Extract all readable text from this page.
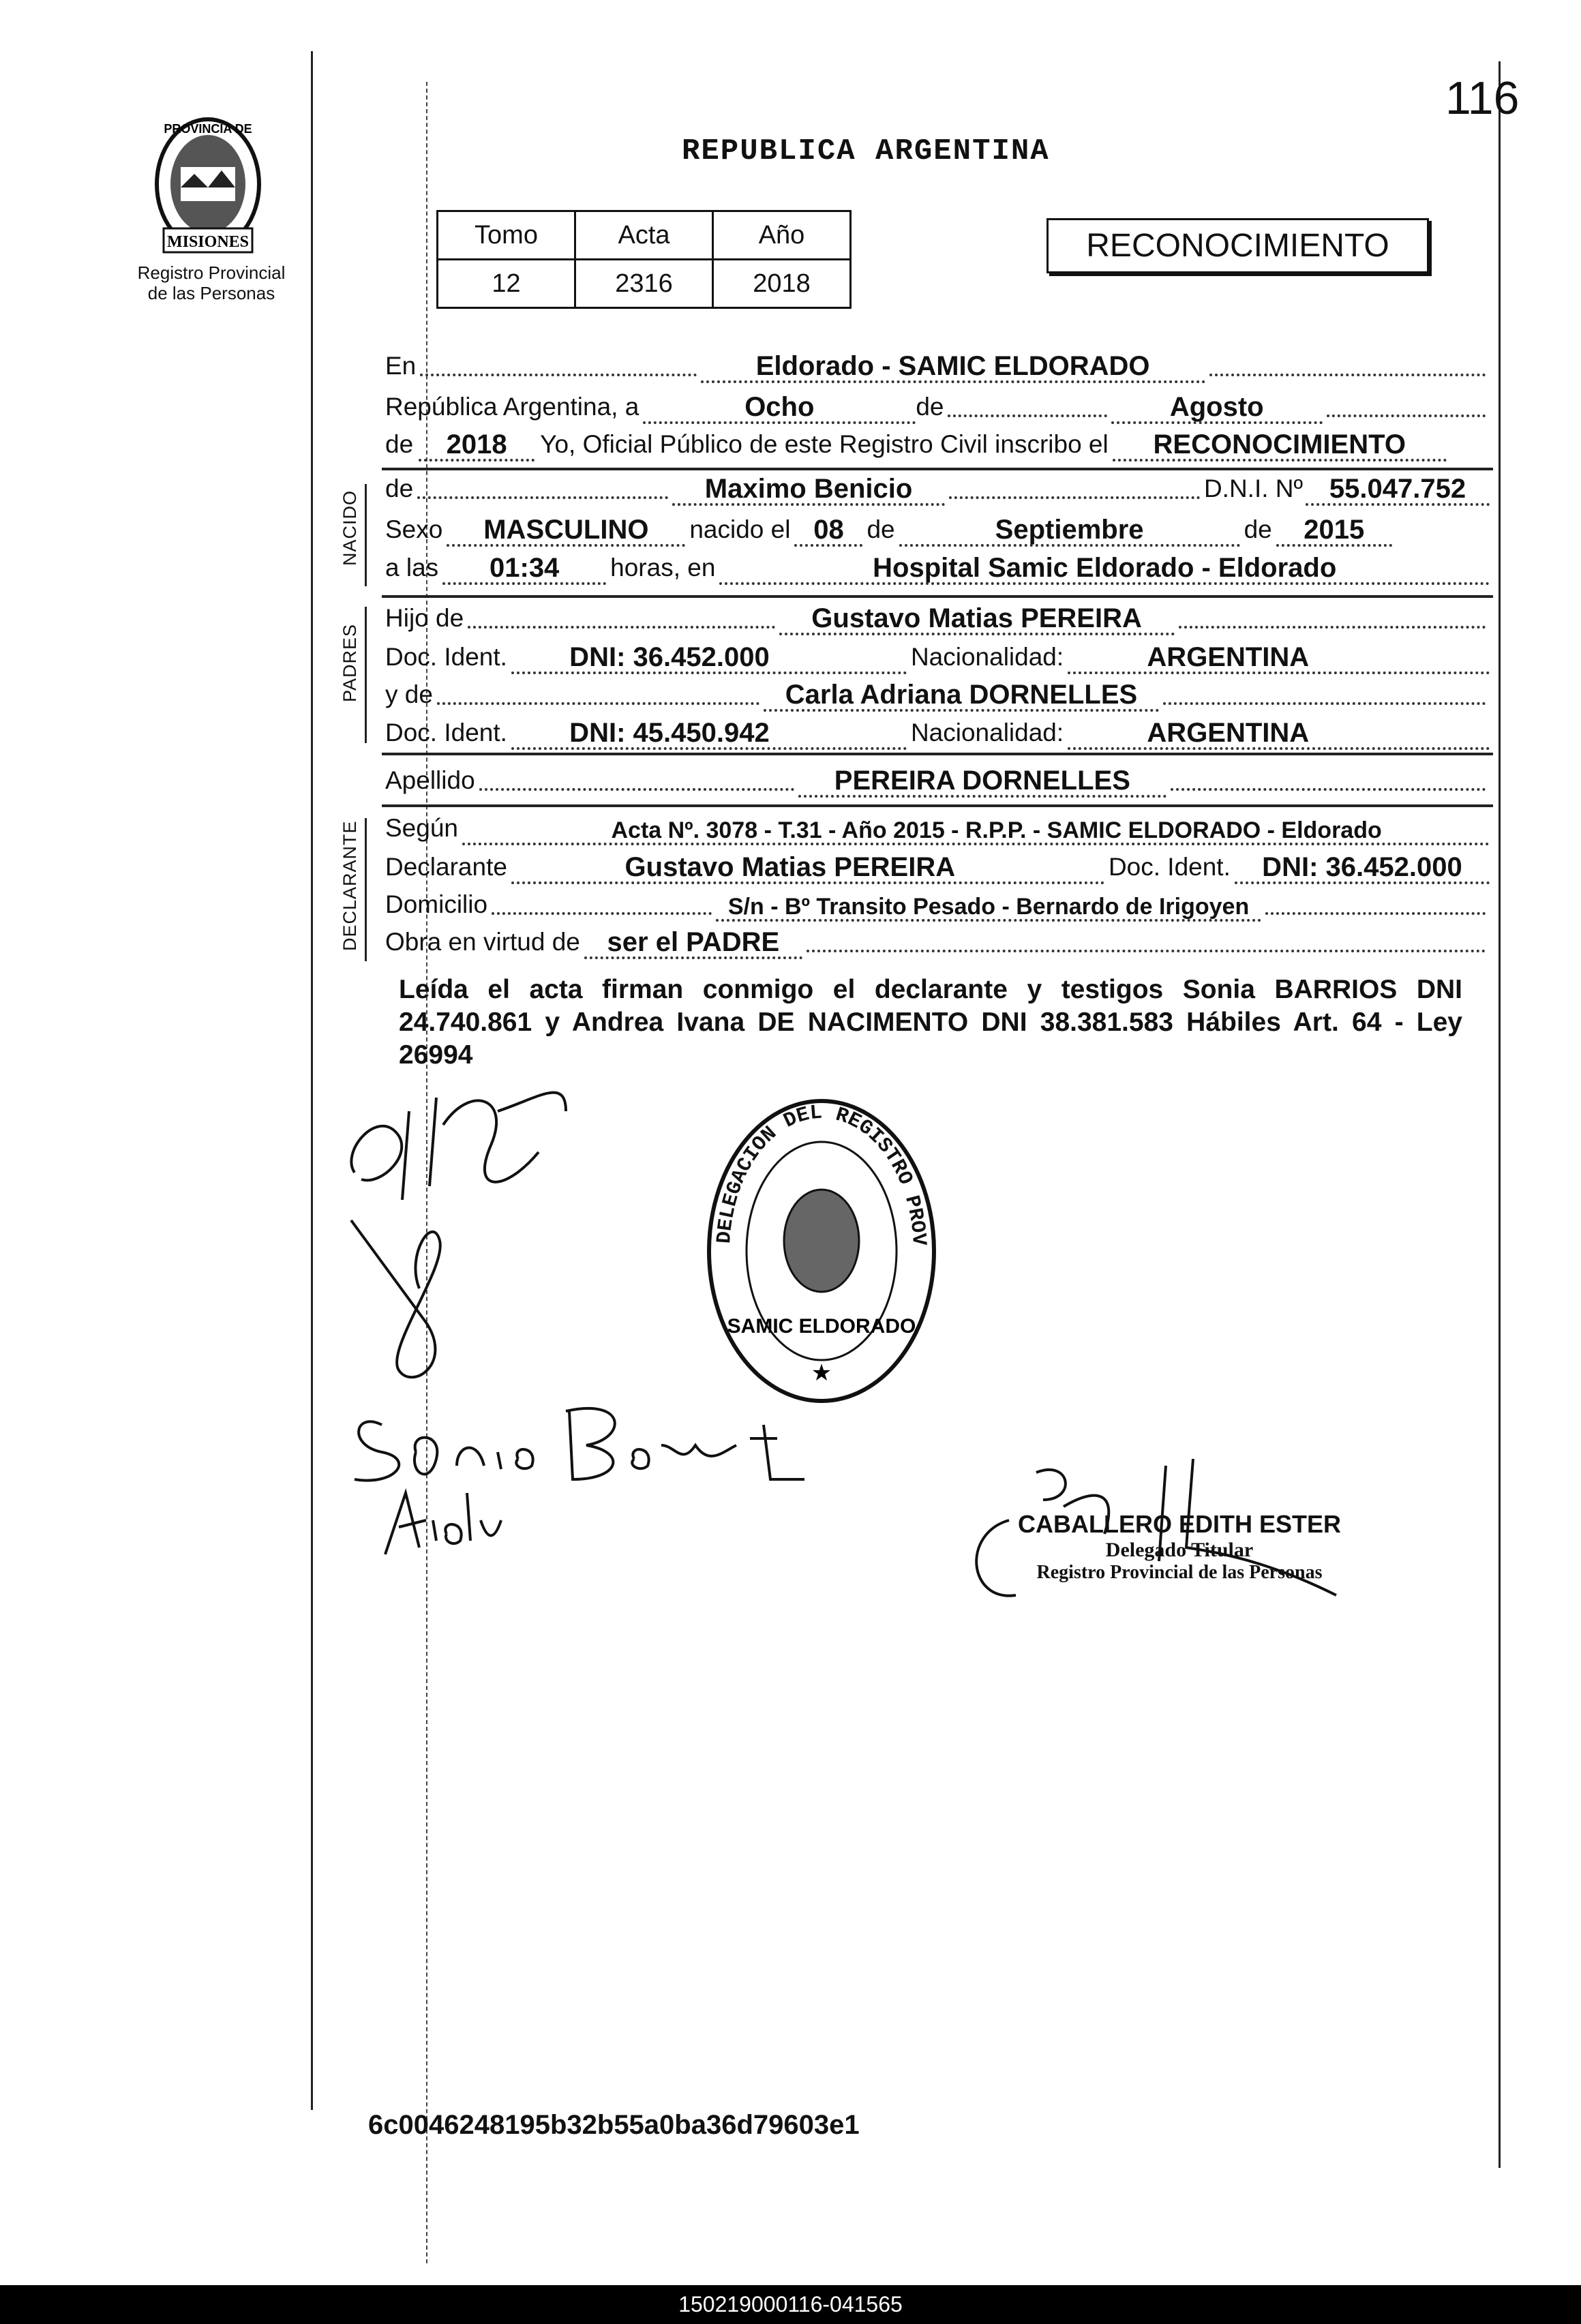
PROVINCIA DE
MISIONES
Registro Provincial
de las Personas
116
REPUBLICA ARGENTINA
Tomo	Acta	Año
12	2316	2018
RECONOCIMIENTO
En	Eldorado - SAMIC ELDORADO
República Argentina, a	Ocho	de	Agosto
de 2018 Yo, Oficial Público de este Registro Civil inscribo el RECONOCIMIENTO
NACIDO
de	Maximo Benicio	D.N.I. Nº 55.047.752
Sexo MASCULINO nacido el 08 de	Septiembre	de 2015
a las 01:34 horas, en	Hospital Samic Eldorado - Eldorado
PADRES
Hijo de	Gustavo Matias PEREIRA
Doc. Ident. DNI: 36.452.000	Nacionalidad:	ARGENTINA
y de	Carla Adriana DORNELLES
Doc. Ident. DNI: 45.450.942	Nacionalidad:	ARGENTINA
Apellido	PEREIRA DORNELLES
DECLARANTE Según	Acta Nº. 3078 - T.31 - Año 2015 - R.P.P. - SAMIC ELDORADO - Eldorado
Declarante	Gustavo Matias PEREIRA	Doc. Ident. DNI: 36.452.000
Domicilio	S/n - Bº Transito Pesado - Bernardo de Irigoyen
Obra en virtud de ser el PADRE
Leída el acta firman conmigo el declarante y testigos Sonia BARRIOS DNI 24.740.861 y Andrea Ivana DE NACIMENTO DNI 38.381.583 Hábiles Art. 64 - Ley 26994
DELEGACION DEL REGISTRO PROV
SAMIC ELDORADO
★
CABALLERO EDITH ESTER
Delegado Titular
Registro Provincial de las Personas
6c0046248195b32b55a0ba36d79603e1
150219000116-041565
